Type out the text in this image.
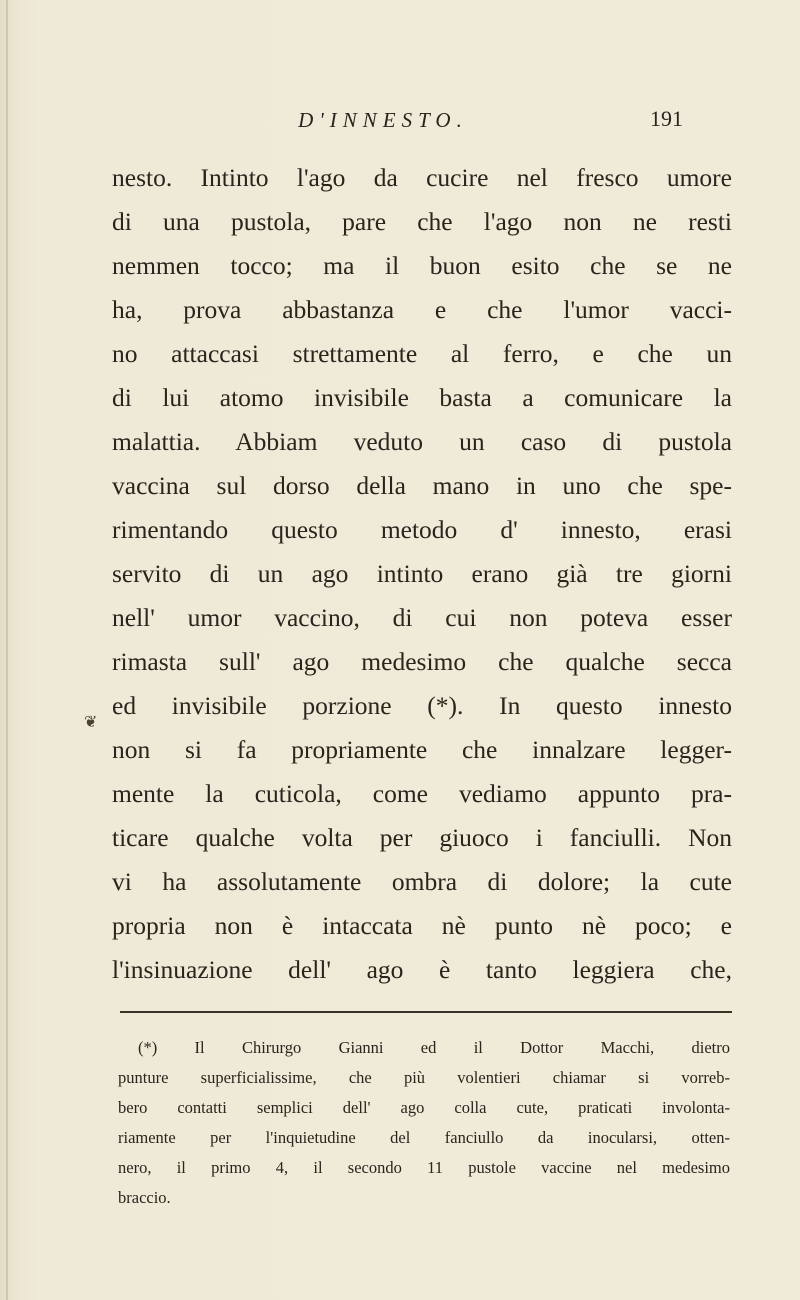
D'INNESTO.	191
nesto. Intinto l'ago da cucire nel fresco umore
di una pustola, pare che l'ago non ne resti
nemmen tocco; ma il buon esito che se ne
ha, prova abbastanza e che l'umor vacci-
no attaccasi strettamente al ferro, e che un
di lui atomo invisibile basta a comunicare la
malattia. Abbiam veduto un caso di pustola
vaccina sul dorso della mano in uno che spe-
rimentando questo metodo d' innesto, erasi
servito di un ago intinto erano già tre giorni
nell' umor vaccino, di cui non poteva esser
rimasta sull' ago medesimo che qualche secca
ed invisibile porzione (*). In questo innesto
non si fa propriamente che innalzare legger-
mente la cuticola, come vediamo appunto pra-
ticare qualche volta per giuoco i fanciulli. Non
vi ha assolutamente ombra di dolore; la cute
propria non è intaccata nè punto nè poco; e
l'insinuazione dell' ago è tanto leggiera che,
(*) Il Chirurgo Gianni ed il Dottor Macchi, dietro
punture superficialissime, che più volentieri chiamar si vorreb-
bero contatti semplici dell' ago colla cute, praticati involonta-
riamente per l'inquietudine del fanciullo da inocularsi, otten-
nero, il primo 4, il secondo 11 pustole vaccine nel medesimo
braccio.
❦
